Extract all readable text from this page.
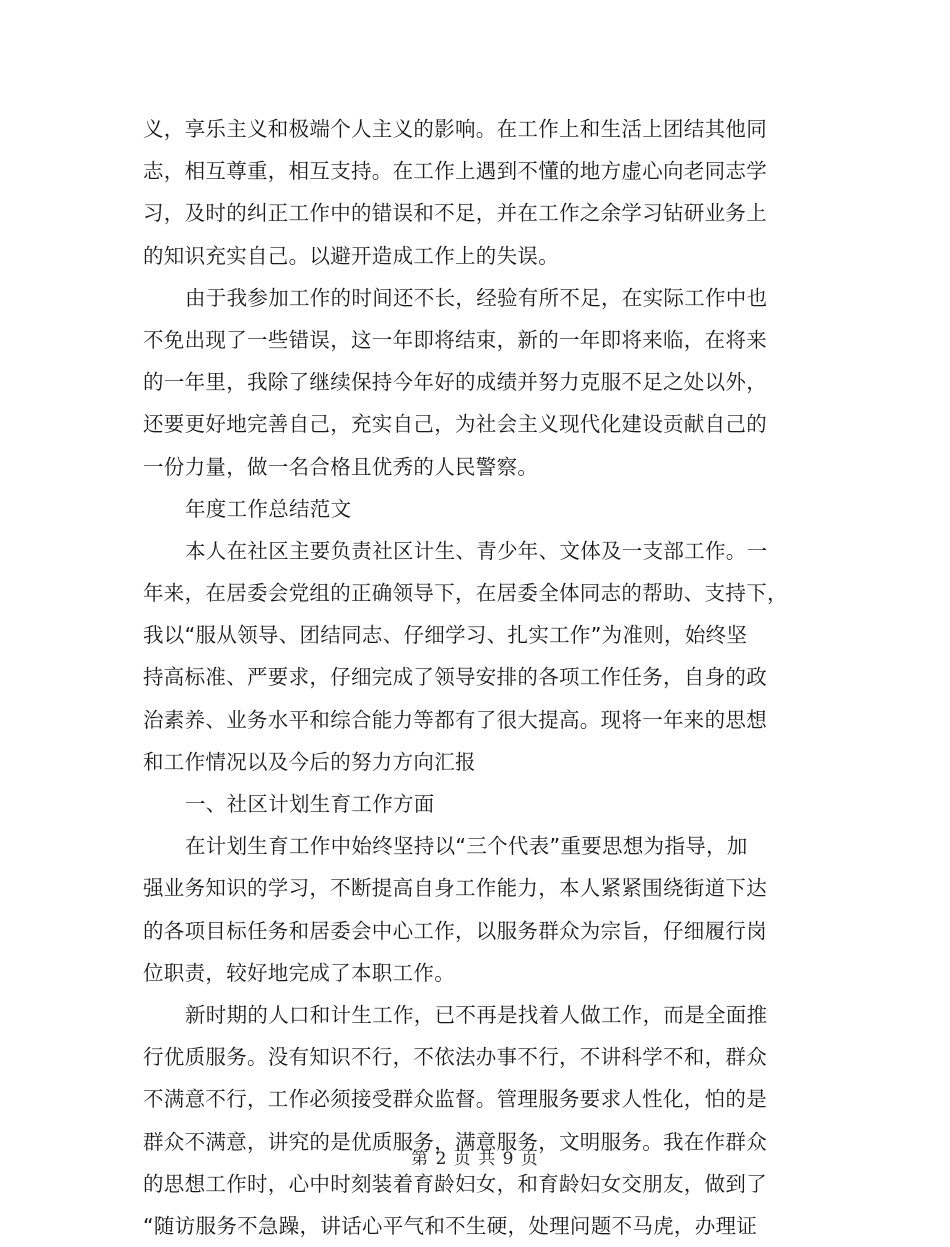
义，享乐主义和极端个人主义的影响。在工作上和生活上团结其他同
志，相互尊重，相互支持。在工作上遇到不懂的地方虚心向老同志学
习，及时的纠正工作中的错误和不足，并在工作之余学习钻研业务上
的知识充实自己。以避开造成工作上的失误。
由于我参加工作的时间还不长，经验有所不足，在实际工作中也
不免出现了一些错误，这一年即将结束，新的一年即将来临，在将来
的一年里，我除了继续保持今年好的成绩并努力克服不足之处以外，
还要更好地完善自己，充实自己，为社会主义现代化建设贡献自己的
一份力量，做一名合格且优秀的人民警察。
年度工作总结范文
本人在社区主要负责社区计生、青少年、文体及一支部工作。一
年来，在居委会党组的正确领导下，在居委全体同志的帮助、支持下，
我以“服从领导、团结同志、仔细学习、扎实工作”为准则，始终坚
持高标准、严要求，仔细完成了领导安排的各项工作任务，自身的政
治素养、业务水平和综合能力等都有了很大提高。现将一年来的思想
和工作情况以及今后的努力方向汇报
一、社区计划生育工作方面
在计划生育工作中始终坚持以“三个代表”重要思想为指导，加
强业务知识的学习，不断提高自身工作能力，本人紧紧围绕街道下达
的各项目标任务和居委会中心工作，以服务群众为宗旨，仔细履行岗
位职责，较好地完成了本职工作。
新时期的人口和计生工作，已不再是找着人做工作，而是全面推
行优质服务。没有知识不行，不依法办事不行，不讲科学不和，群众
不满意不行，工作必须接受群众监督。管理服务要求人性化，怕的是
群众不满意，讲究的是优质服务，满意服务，文明服务。我在作群众
的思想工作时，心中时刻装着育龄妇女，和育龄妇女交朋友，做到了
“随访服务不急躁，讲话心平气和不生硬，处理问题不马虎，办理证
第 2 页 共 9 页
